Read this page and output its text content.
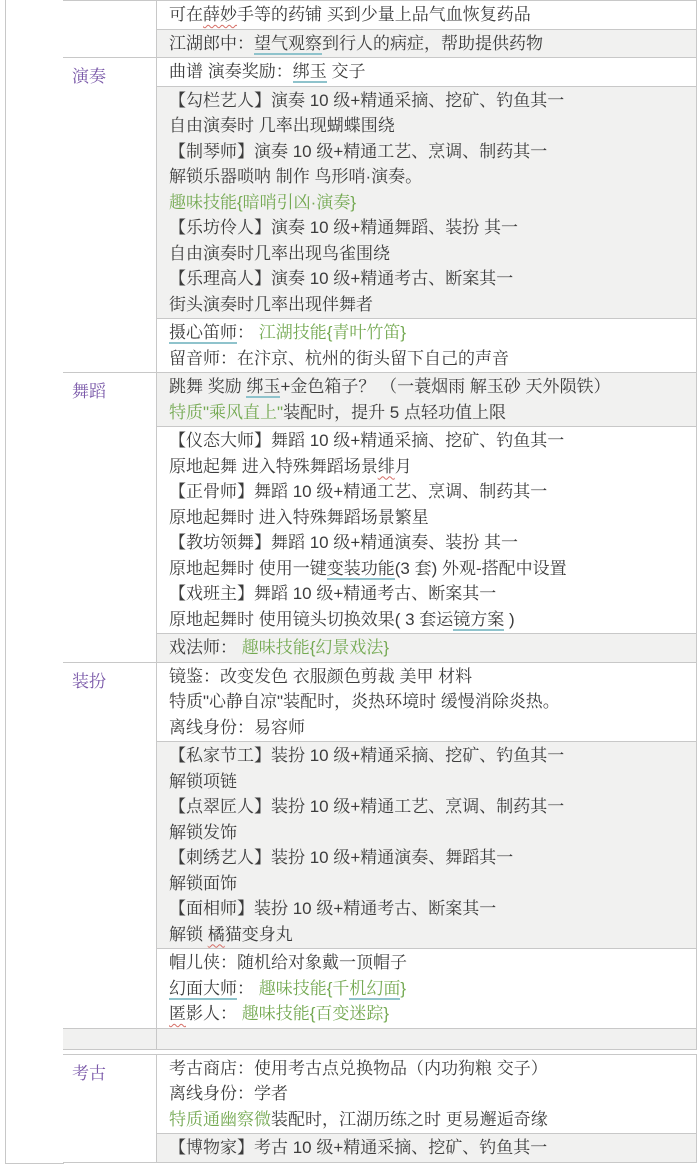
可在薛妙手等的药铺 买到少量上品气血恢复药品
江湖郎中：望气观察到行人的病症，帮助提供药物
演奏	曲谱 演奏奖励：绑玉 交子
【勾栏艺人】演奏 10 级+精通采摘、挖矿、钓鱼其一
自由演奏时 几率出现蝴蝶围绕
【制琴师】演奏 10 级+精通工艺、烹调、制药其一
解锁乐器唢呐 制作 鸟形哨·演奏。
趣味技能{暗哨引凶·演奏}
【乐坊伶人】演奏 10 级+精通舞蹈、装扮 其一
自由演奏时几率出现鸟雀围绕
【乐理高人】演奏 10 级+精通考古、断案其一
街头演奏时几率出现伴舞者
摄心笛师： 江湖技能{青叶竹笛}
留音师：在汴京、杭州的街头留下自己的声音
舞蹈	跳舞 奖励 绑玉+金色箱子？ （一蓑烟雨 解玉砂 天外陨铁）
特质"乘风直上"装配时，提升 5 点轻功值上限
【仪态大师】舞蹈 10 级+精通采摘、挖矿、钓鱼其一
原地起舞 进入特殊舞蹈场景绯月
【正骨师】舞蹈 10 级+精通工艺、烹调、制药其一
原地起舞时 进入特殊舞蹈场景繁星
【教坊领舞】舞蹈 10 级+精通演奏、装扮 其一
原地起舞时 使用一键变装功能(3 套) 外观-搭配中设置
【戏班主】舞蹈 10 级+精通考古、断案其一
原地起舞时 使用镜头切换效果( 3 套运镜方案 )
戏法师： 趣味技能{幻景戏法}
装扮	镜鉴：改变发色 衣服颜色剪裁 美甲 材料
特质"心静自凉"装配时，炎热环境时 缓慢消除炎热。
离线身份：易容师
【私家节工】装扮 10 级+精通采摘、挖矿、钓鱼其一
解锁项链
【点翠匠人】装扮 10 级+精通工艺、烹调、制药其一
解锁发饰
【刺绣艺人】装扮 10 级+精通演奏、舞蹈其一
解锁面饰
【面相师】装扮 10 级+精通考古、断案其一
解锁 橘猫变身丸
帽儿侠：随机给对象戴一顶帽子
幻面大师： 趣味技能{千机幻面}
匿影人： 趣味技能{百变迷踪}
考古	考古商店：使用考古点兑换物品（内功狗粮 交子）
离线身份：学者
特质通幽察微装配时，江湖历练之时 更易邂逅奇缘
【博物家】考古 10 级+精通采摘、挖矿、钓鱼其一
